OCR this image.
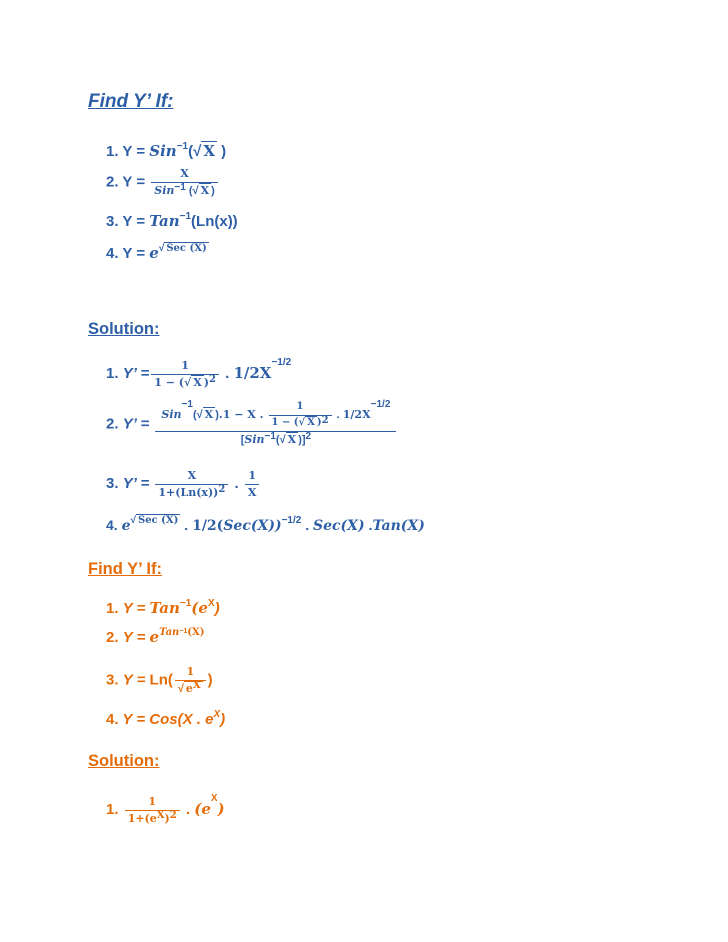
Find Y’ If:
1. Y = Sin$^{-1}$(√ X )
2. $Y = \frac{X}{Sin^{-1} (√ X )}$
3. Y = Tan$^{-1}$(Ln(x))
4. $Y = e^{√ Sec (X)}$
Solution:
1. Y’ = $\frac{1}{1 - (√ X )^2}$ . $1/2X^{-1/2}$
2. Y’ = $\frac{Sin^{-1}(√ X ).1 - X . \frac{1}{1 - (√ X )^2} . 1/2X^{-1/2}}{[Sin^{-1}(√ X )]^2}$
3. Y’ = $\frac{X}{1+(Ln(x))^2}$ . $\frac{1}{X}$
4. $e^{√ Sec (X)}$ . $1/2(Sec(X))^{-1/2}$ . Sec(X) .Tan(X)
Find Y’ If:
1. $Y = Tan^{-1}(e^X)$
2. $Y = e^{Tan^{-1}(X)}$
3. $Y = Ln( \frac{1}{√ e^X}$ )
4. Y = Cos(X . $e^X$)
Solution:
1. $\frac{1}{1+(e^X)^2}$ . $(e^X)$
